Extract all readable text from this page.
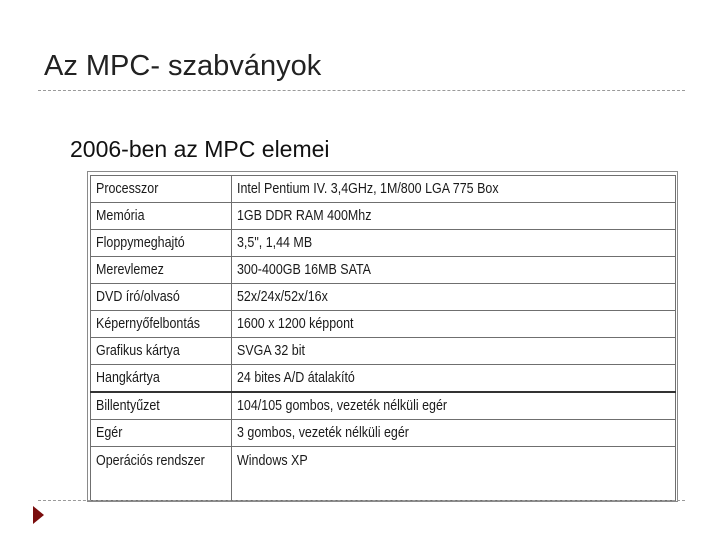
Az MPC- szabványok
2006-ben az MPC elemei
Processzor	Intel Pentium IV. 3,4GHz, 1M/800 LGA 775 Box
Memória	1GB DDR RAM 400Mhz
Floppymeghajtó	3,5", 1,44 MB
Merevlemez	300-400GB 16MB SATA
DVD író/olvasó	52x/24x/52x/16x
Képernyőfelbontás	1600 x 1200 képpont
Grafikus kártya	SVGA 32 bit
Hangkártya	24 bites A/D átalakító
Billentyűzet	104/105 gombos, vezeték nélküli egér
Egér	3 gombos, vezeték nélküli egér
Operációs rendszer	Windows XP
